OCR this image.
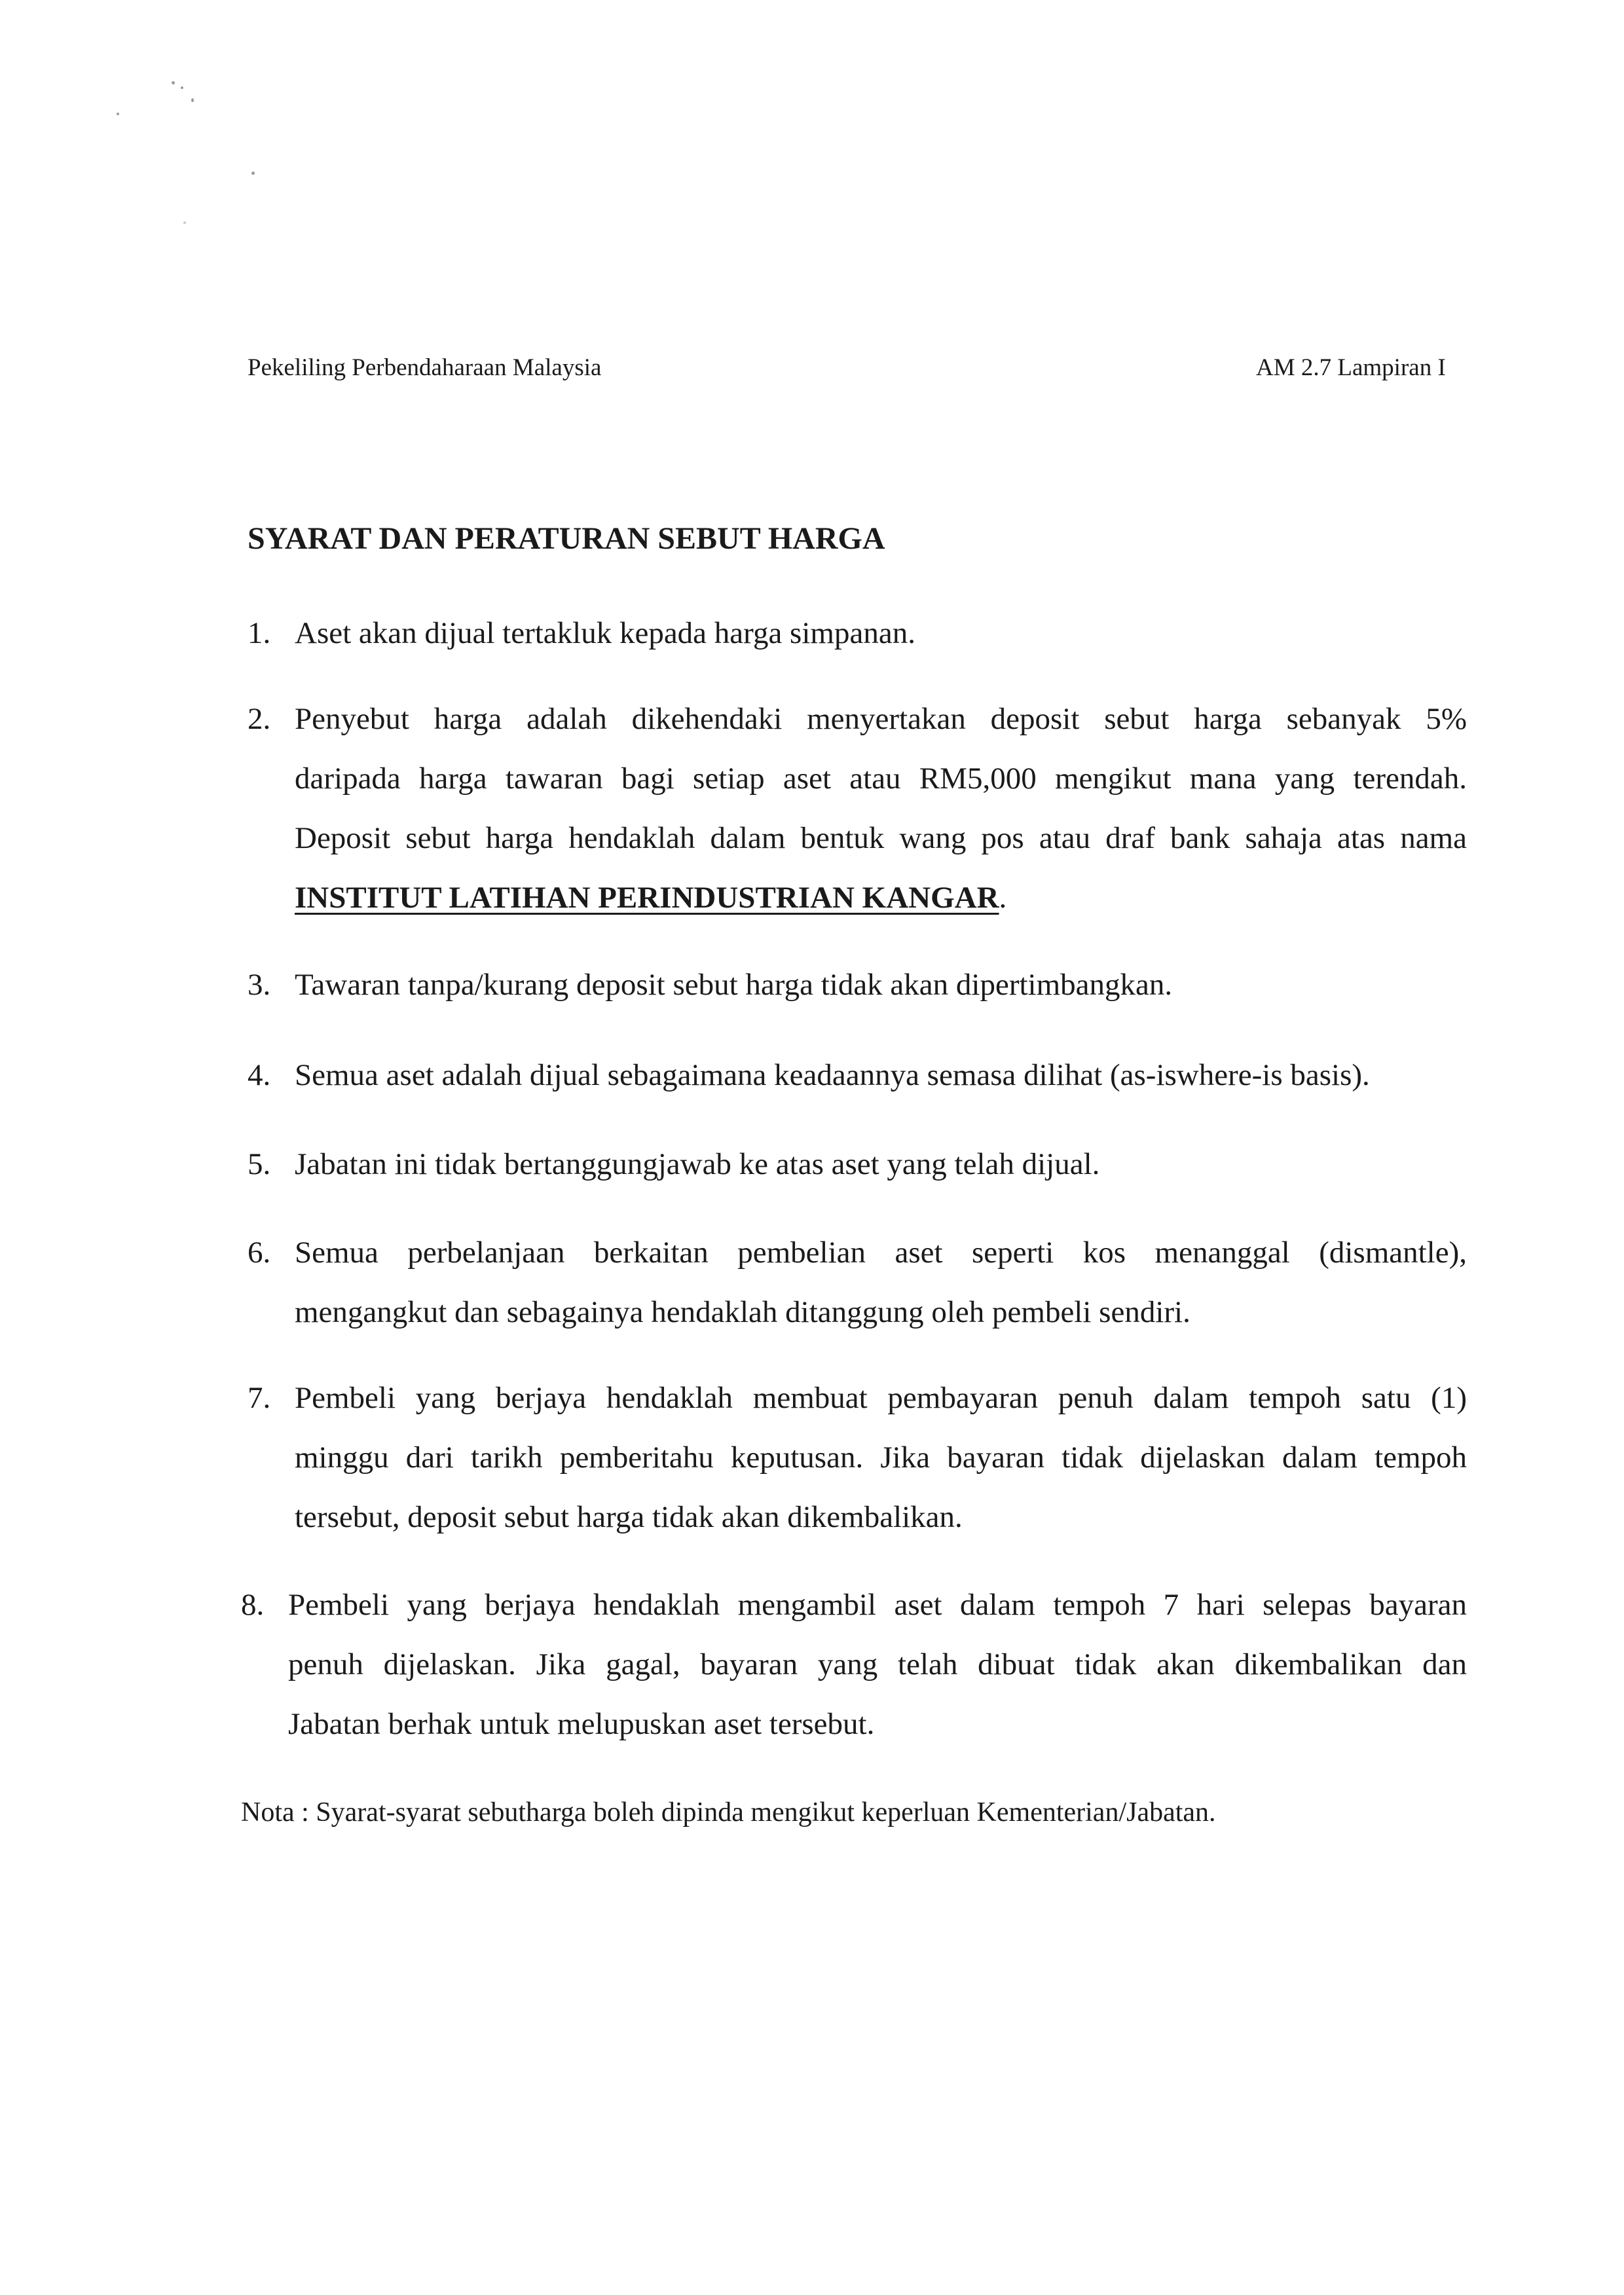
Pekeliling Perbendaharaan Malaysia	AM 2.7 Lampiran I
SYARAT DAN PERATURAN SEBUT HARGA
1. Aset akan dijual tertakluk kepada harga simpanan.
2. Penyebut harga adalah dikehendaki menyertakan deposit sebut harga sebanyak 5%
daripada harga tawaran bagi setiap aset atau RM5,000 mengikut mana yang terendah.
Deposit sebut harga hendaklah dalam bentuk wang pos atau draf bank sahaja atas nama
INSTITUT LATIHAN PERINDUSTRIAN KANGAR.
3. Tawaran tanpa/kurang deposit sebut harga tidak akan dipertimbangkan.
4. Semua aset adalah dijual sebagaimana keadaannya semasa dilihat (as-iswhere-is basis).
5. Jabatan ini tidak bertanggungjawab ke atas aset yang telah dijual.
6. Semua perbelanjaan berkaitan pembelian aset seperti kos menanggal (dismantle),
mengangkut dan sebagainya hendaklah ditanggung oleh pembeli sendiri.
7. Pembeli yang berjaya hendaklah membuat pembayaran penuh dalam tempoh satu (1)
minggu dari tarikh pemberitahu keputusan. Jika bayaran tidak dijelaskan dalam tempoh
tersebut, deposit sebut harga tidak akan dikembalikan.
8. Pembeli yang berjaya hendaklah mengambil aset dalam tempoh 7 hari selepas bayaran
penuh dijelaskan. Jika gagal, bayaran yang telah dibuat tidak akan dikembalikan dan
Jabatan berhak untuk melupuskan aset tersebut.
Nota : Syarat-syarat sebutharga boleh dipinda mengikut keperluan Kementerian/Jabatan.
